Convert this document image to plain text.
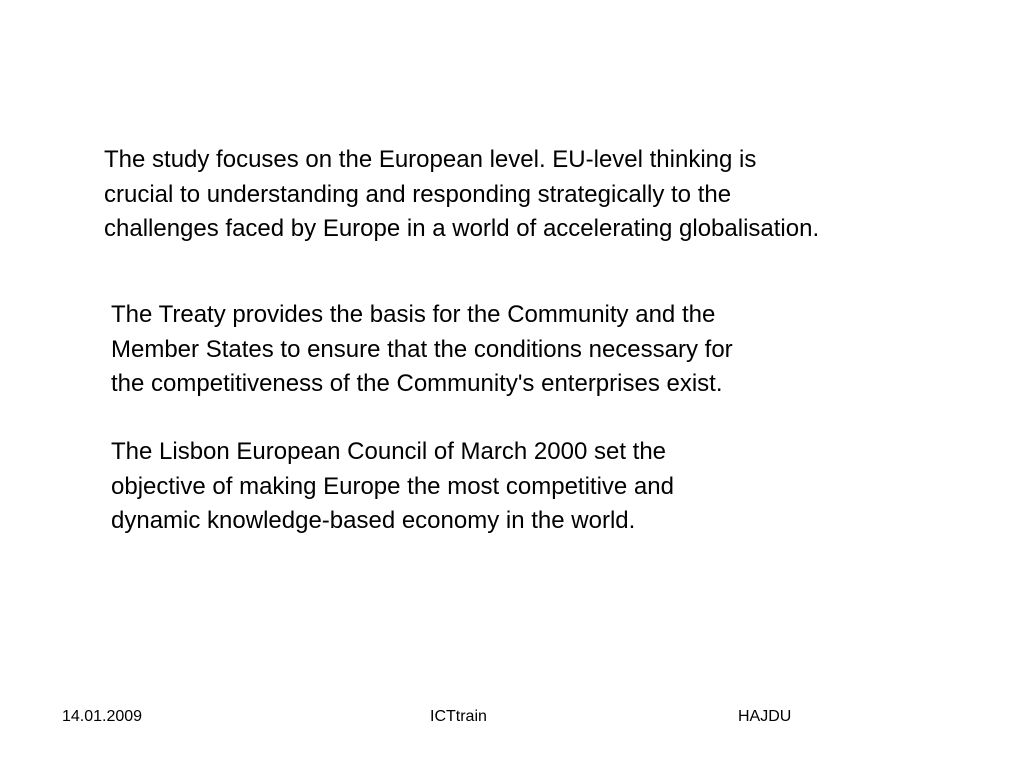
The study focuses on the European level. EU-level thinking is
crucial to understanding and responding strategically to the
challenges faced by Europe in a world of accelerating globalisation.

The Treaty provides the basis for the Community and the
Member States to ensure that the conditions necessary for
the competitiveness of the Community's enterprises exist.

The Lisbon European Council of March 2000 set the
objective of making Europe the most competitive and
dynamic knowledge-based economy in the world.

14.01.2009	ICTtrain	HAJDU
